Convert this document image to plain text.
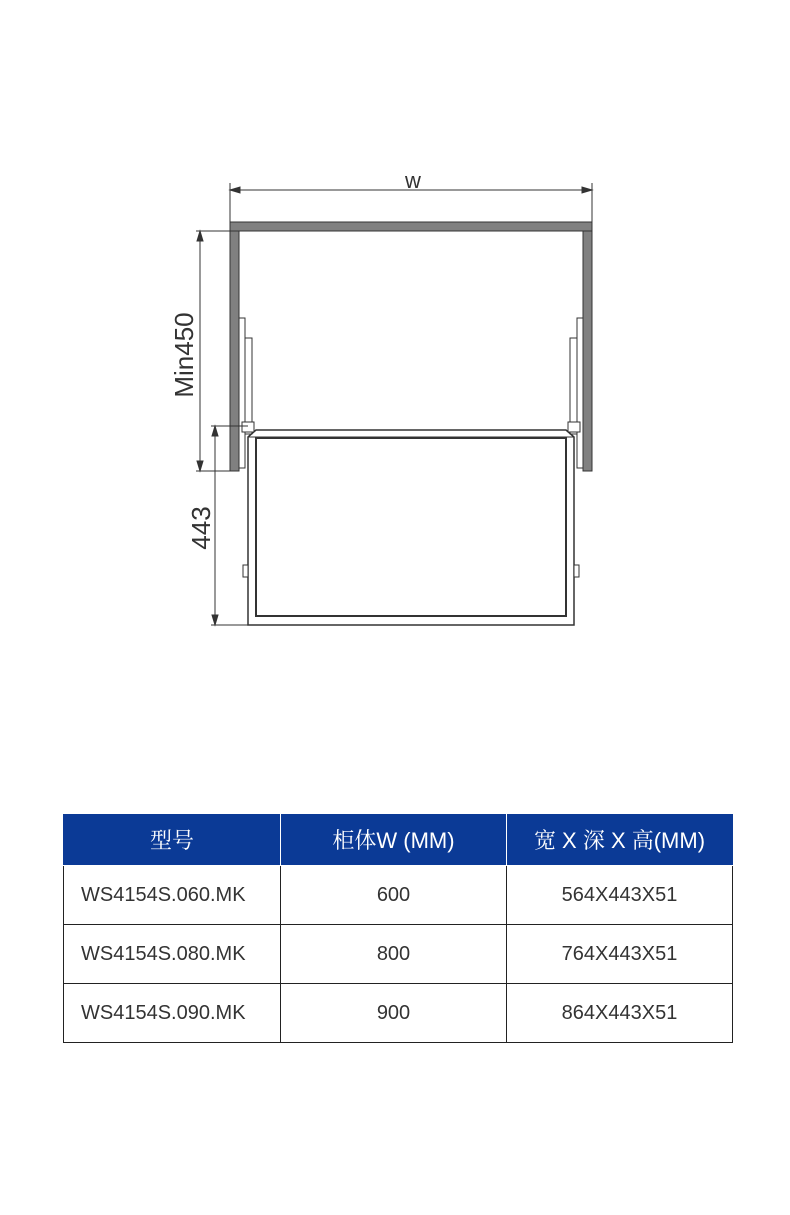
w
Min450
443
型号	柜体W (MM)	宽 X 深 X 高(MM)
WS4154S.060.MK	600	564X443X51
WS4154S.080.MK	800	764X443X51
WS4154S.090.MK	900	864X443X51
